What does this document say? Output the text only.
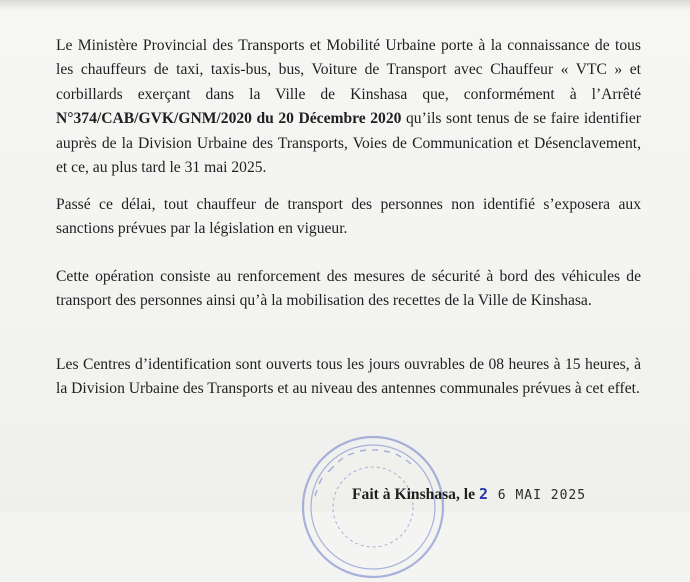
Le Ministère Provincial des Transports et Mobilité Urbaine porte à la connaissance de tous les chauffeurs de taxi, taxis-bus, bus, Voiture de Transport avec Chauffeur « VTC » et corbillards exerçant dans la Ville de Kinshasa que, conformément à l’Arrêté N°374/CAB/GVK/GNM/2020 du 20 Décembre 2020 qu’ils sont tenus de se faire identifier auprès de la Division Urbaine des Transports, Voies de Communication et Désenclavement, et ce, au plus tard le 31 mai 2025.

Passé ce délai, tout chauffeur de transport des personnes non identifié s’exposera aux sanctions prévues par la législation en vigueur.

Cette opération consiste au renforcement des mesures de sécurité à bord des véhicules de transport des personnes ainsi qu’à la mobilisation des recettes de la Ville de Kinshasa.

Les Centres d’identification sont ouverts tous les jours ouvrables de 08 heures à 15 heures, à la Division Urbaine des Transports et au niveau des antennes communales prévues à cet effet.

Fait à Kinshasa, le 2 6 MAI 2025
